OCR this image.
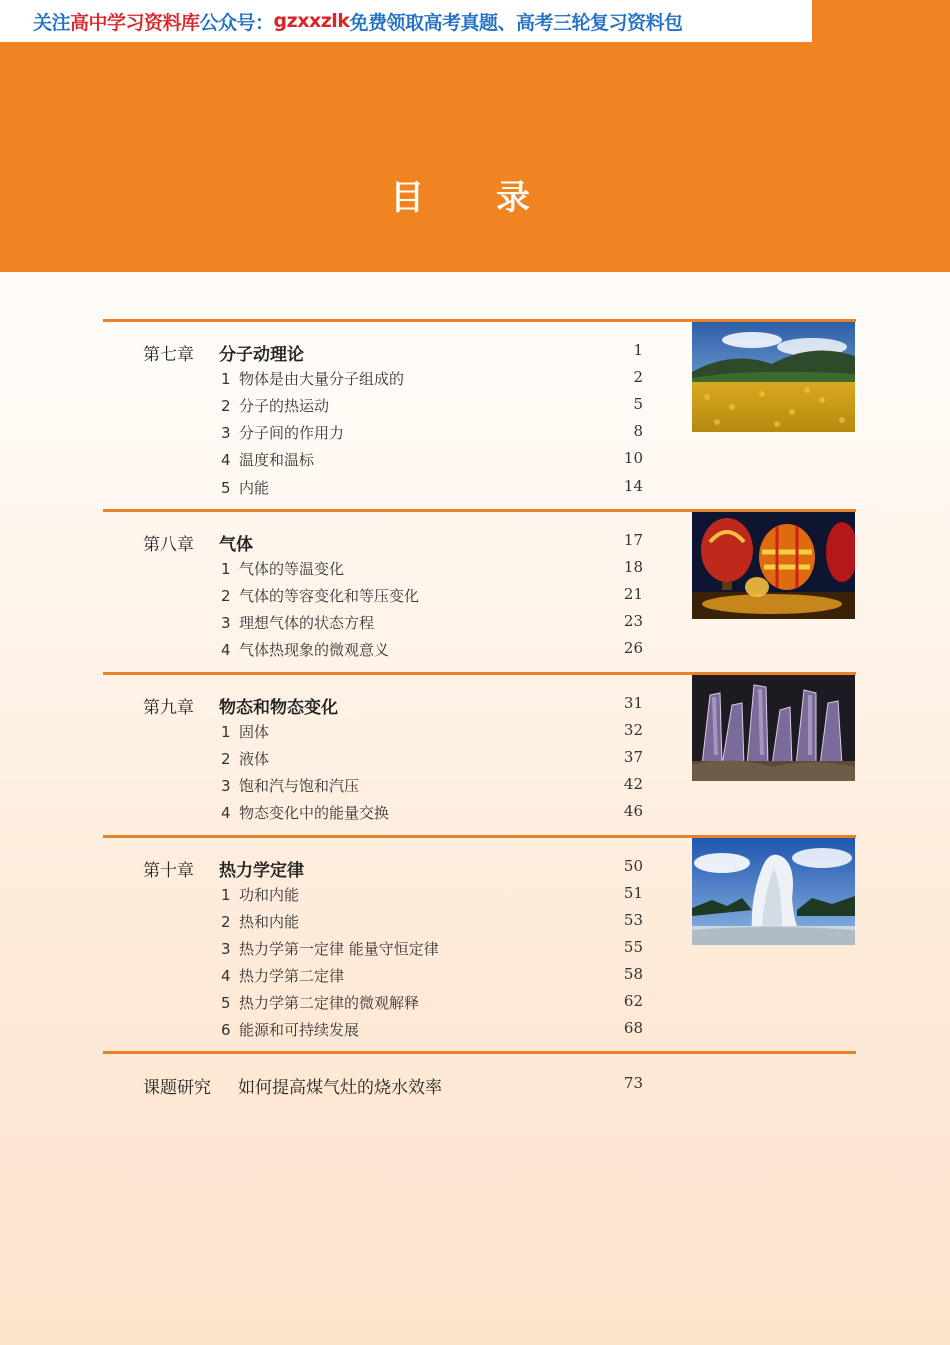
关注 高中学习资料库 公众号： gzxxzlk 免费领取高考真题、高考三轮复习资料包
目 录
第七章 分子动理论	1
1 物体是由大量分子组成的	2
2 分子的热运动	5
3 分子间的作用力	8
4 温度和温标	10
5 内能	14
第八章 气体	17
1 气体的等温变化	18
2 气体的等容变化和等压变化	21
3 理想气体的状态方程	23
4 气体热现象的微观意义	26
第九章 物态和物态变化	31
1 固体	32
2 液体	37
3 饱和汽与饱和汽压	42
4 物态变化中的能量交换	46
第十章 热力学定律	50
1 功和内能	51
2 热和内能	53
3 热力学第一定律 能量守恒定律	55
4 热力学第二定律	58
5 热力学第二定律的微观解释	62
6 能源和可持续发展	68
课题研究 如何提高煤气灶的烧水效率	73
